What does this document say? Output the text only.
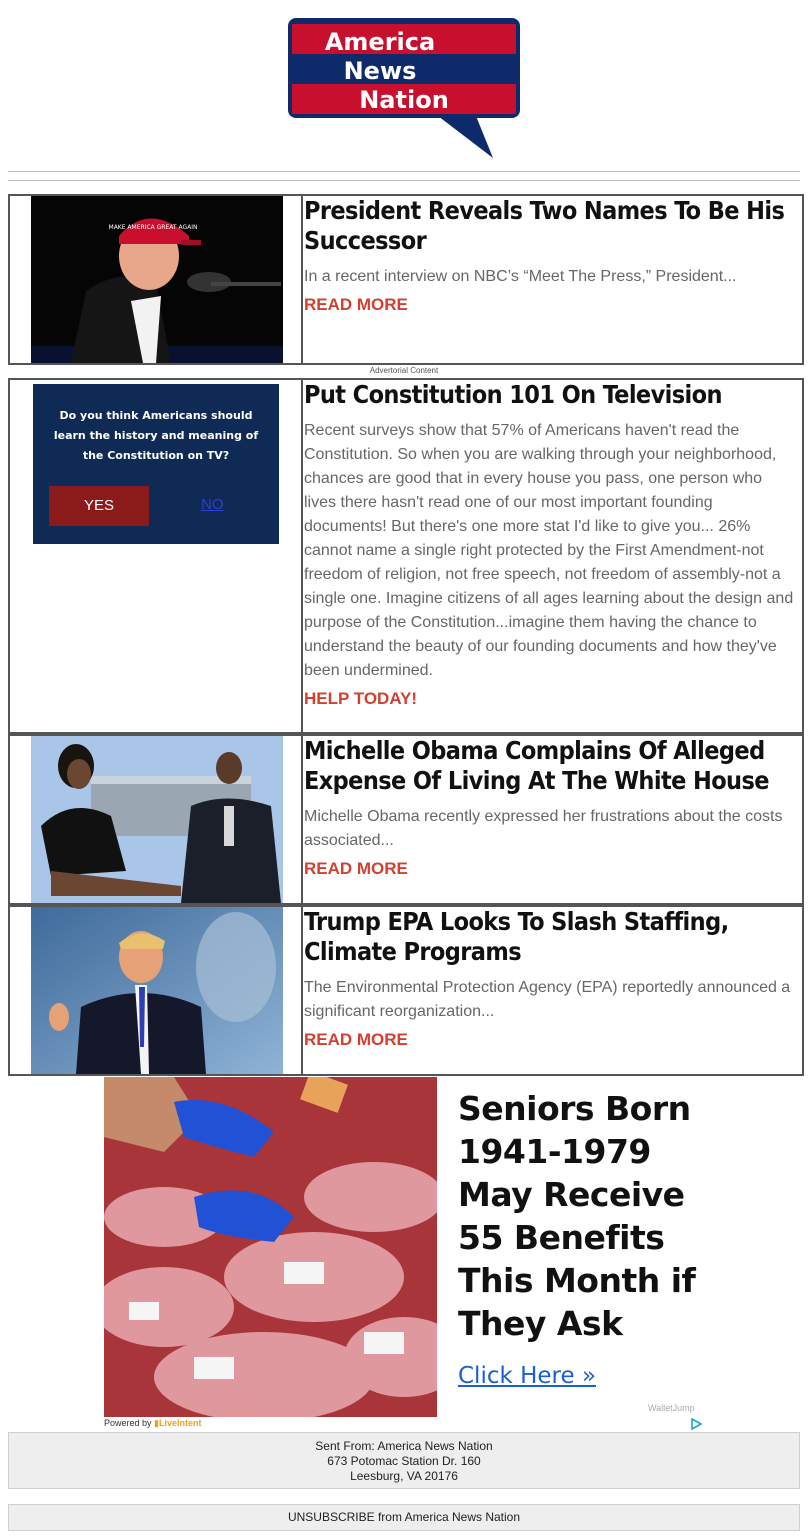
America
News
Nation
MAKE AMERICA GREAT AGAIN
President Reveals Two Names To Be His Successor

In a recent interview on NBC’s “Meet The Press,” President...

READ MORE
Advertorial Content
Do you think Americans should learn the history and meaning of the Constitution on TV?
YES	NO
Put Constitution 101 On Television

Recent surveys show that 57% of Americans haven't read the Constitution. So when you are walking through your neighborhood, chances are good that in every house you pass, one person who lives there hasn't read one of our most important founding documents! But there's one more stat I'd like to give you... 26% cannot name a single right protected by the First Amendment-not freedom of religion, not free speech, not freedom of assembly-not a single one. Imagine citizens of all ages learning about the design and purpose of the Constitution...imagine them having the chance to understand the beauty of our founding documents and how they've been undermined.

HELP TODAY!
Michelle Obama Complains Of Alleged Expense Of Living At The White House

Michelle Obama recently expressed her frustrations about the costs associated...

READ MORE
Trump EPA Looks To Slash Staffing, Climate Programs

The Environmental Protection Agency (EPA) reportedly announced a significant reorganization...

READ MORE
Seniors Born 1941-1979 May Receive 55 Benefits This Month if They Ask
Click Here »
WalletJump
Powered by ▮LiveIntent
Sent From: America News Nation
673 Potomac Station Dr. 160
Leesburg, VA 20176
UNSUBSCRIBE from America News Nation
